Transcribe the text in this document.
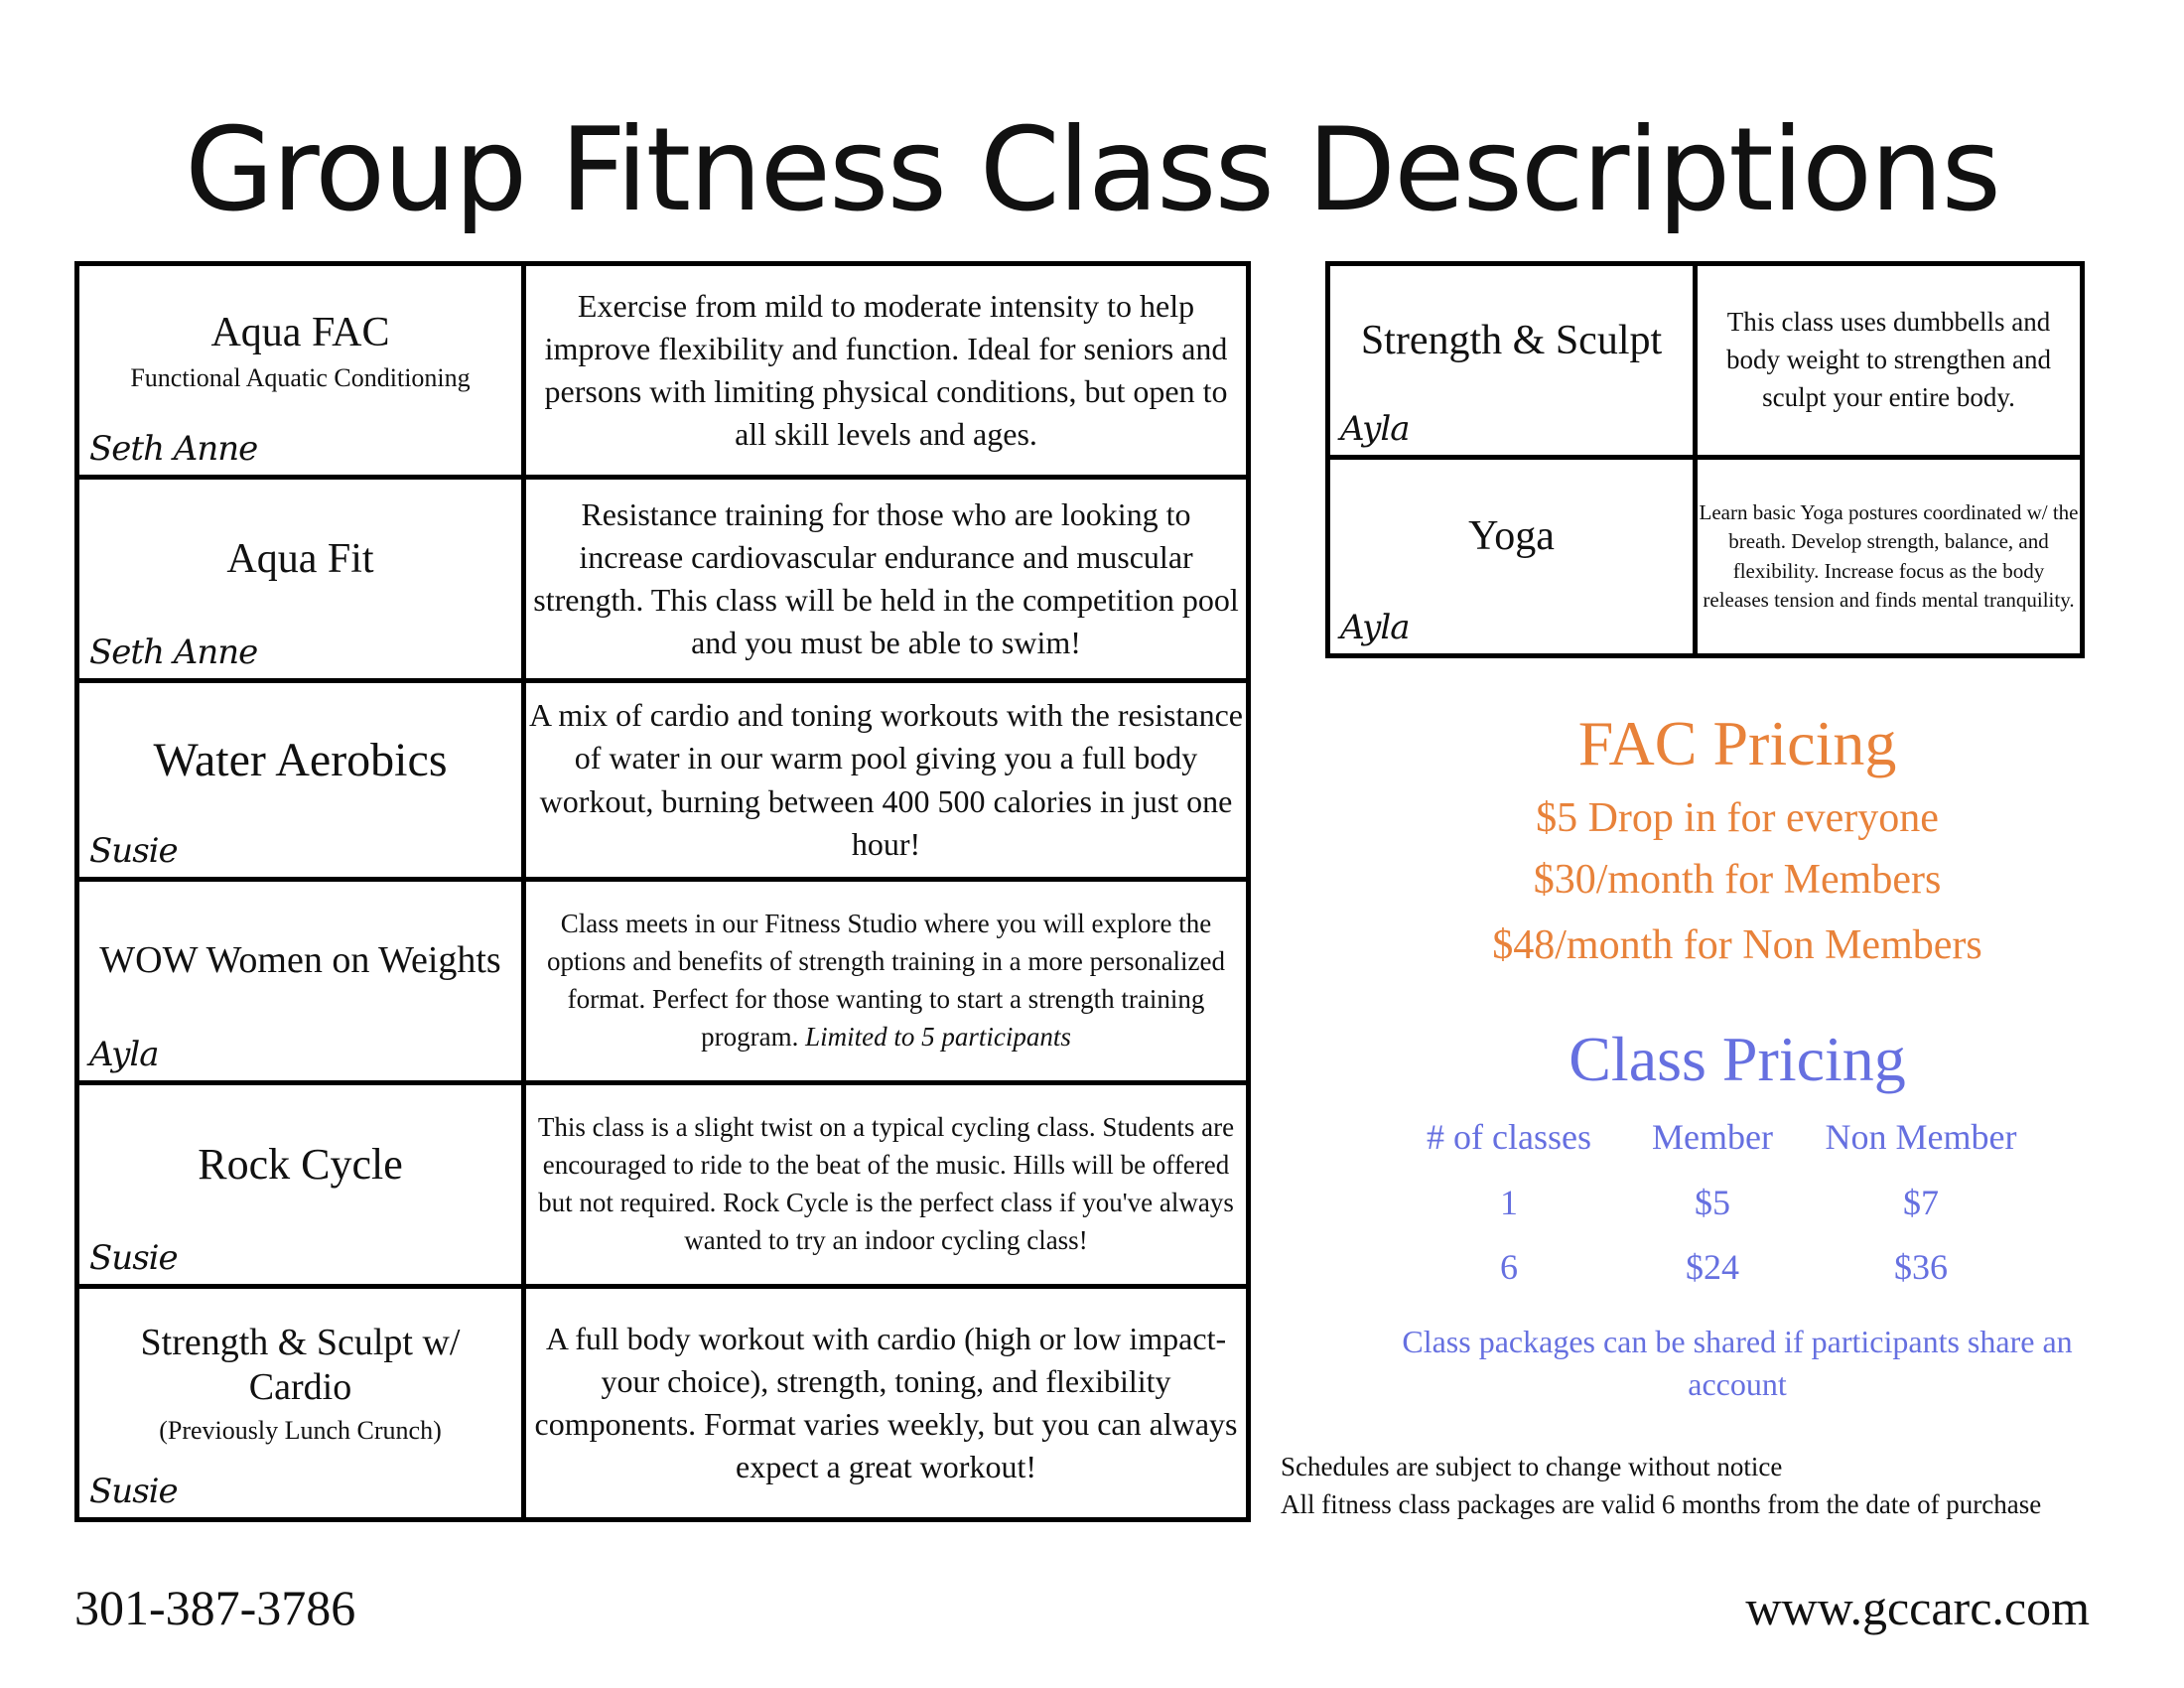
Group Fitness Class Descriptions
Aqua FAC
Functional Aquatic Conditioning
Seth Anne	Exercise from mild to moderate intensity to help improve flexibility and function. Ideal for seniors and persons with limiting physical conditions, but open to all skill levels and ages.

Aqua Fit
Seth Anne	Resistance training for those who are looking to increase cardiovascular endurance and muscular strength. This class will be held in the competition pool and you must be able to swim!

Water Aerobics
Susie	A mix of cardio and toning workouts with the resistance of water in our warm pool giving you a full body workout, burning between 400 500 calories in just one hour!

WOW Women on Weights
Ayla	Class meets in our Fitness Studio where you will explore the options and benefits of strength training in a more personalized format. Perfect for those wanting to start a strength training program. Limited to 5 participants

Rock Cycle
Susie	This class is a slight twist on a typical cycling class. Students are encouraged to ride to the beat of the music. Hills will be offered but not required. Rock Cycle is the perfect class if you've always wanted to try an indoor cycling class!

Strength & Sculpt w/ Cardio
(Previously Lunch Crunch)
Susie	A full body workout with cardio (high or low impact- your choice), strength, toning, and flexibility components. Format varies weekly, but you can always expect a great workout!
Strength & Sculpt
Ayla	This class uses dumbbells and body weight to strengthen and sculpt your entire body.

Yoga
Ayla	Learn basic Yoga postures coordinated w/ the breath. Develop strength, balance, and flexibility. Increase focus as the body releases tension and finds mental tranquility.
FAC Pricing
$5 Drop in for everyone
$30/month for Members
$48/month for Non Members
Class Pricing
# of classes	Member	Non Member
1	$5	$7
6	$24	$36
Class packages can be shared if participants share an account
Schedules are subject to change without notice
All fitness class packages are valid 6 months from the date of purchase
301-387-3786	www.gccarc.com
